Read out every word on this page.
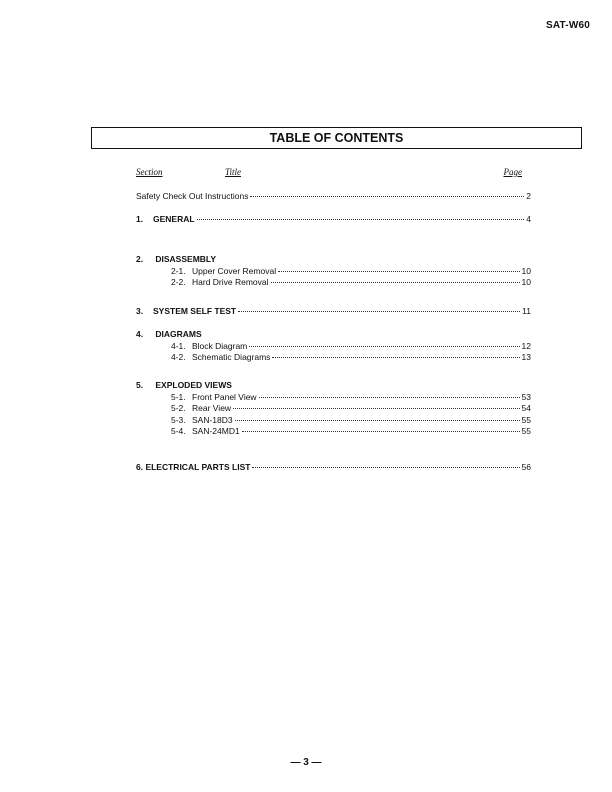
SAT-W60
TABLE OF CONTENTS
Section	Title	Page
Safety Check Out Instructions	2
1.	GENERAL	4
2. DISASSEMBLY
2-1. Upper Cover Removal	10
2-2. Hard Drive Removal	10
3.	SYSTEM SELF TEST	11
4. DIAGRAMS
4-1. Block Diagram	12
4-2. Schematic Diagrams	13
5. EXPLODED VIEWS
5-1. Front Panel View	53
5-2. Rear View	54
5-3. SAN-18D3	55
5-4. SAN-24MD1	55
6. ELECTRICAL PARTS LIST	56
— 3 —
